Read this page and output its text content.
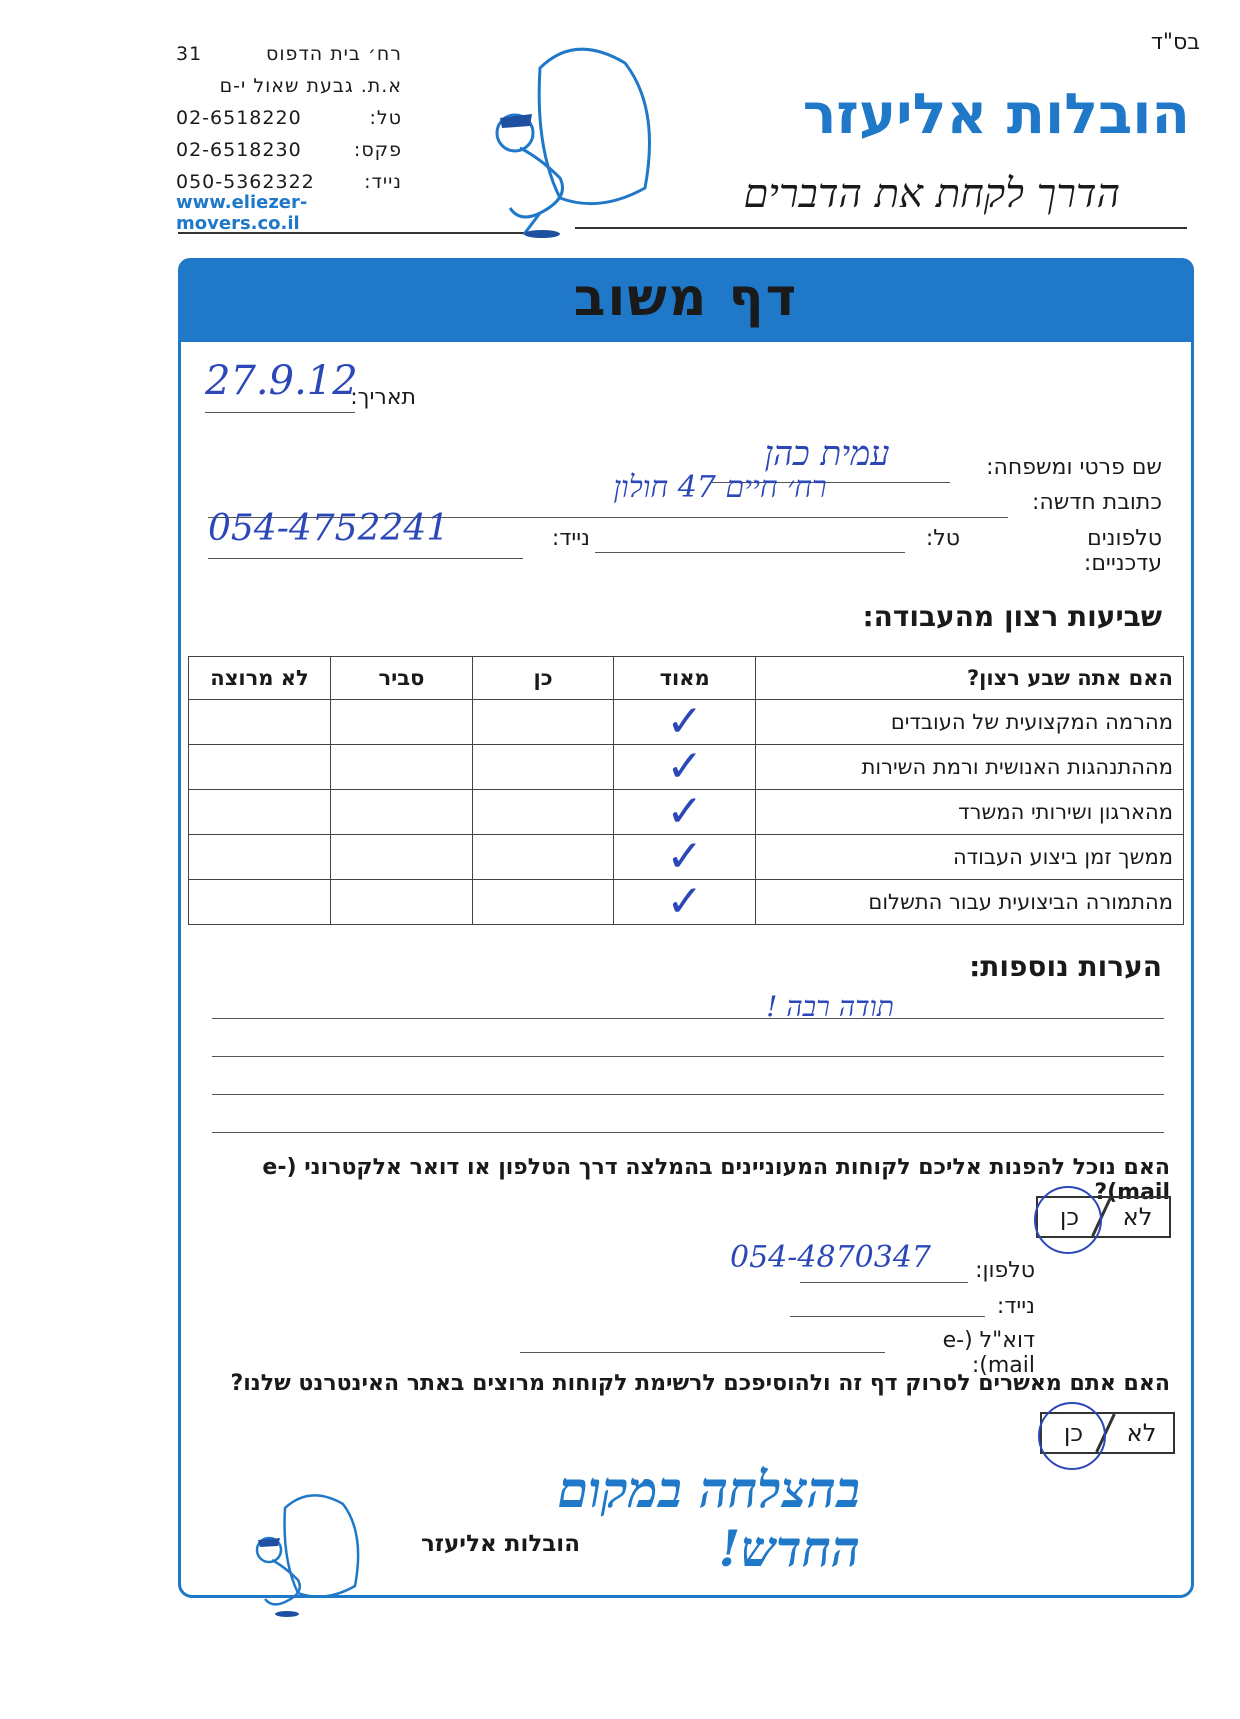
בס"ד
הובלות אליעזר
הדרך לקחת את הדברים
31	רח׳ בית הדפוס
א.ת. גבעת שאול י-ם
02-6518220	טל:
02-6518230	פקס:
050-5362322	נייד:
www.eliezer-movers.co.il
דף משוב
תאריך:
27.9.12
שם פרטי ומשפחה:
עמית כהן
כתובת חדשה:
רח׳ חיים 47 חולון
טלפונים עדכניים:
טל:
נייד:
054-4752241
שביעות רצון מהעבודה:
האם אתה שבע רצון?	מאוד	כן	סביר	לא מרוצה
מהרמה המקצועית של העובדים	✓			
מההתנהגות האנושית ורמת השירות	✓			
מהארגון ושירותי המשרד	✓			
ממשך זמן ביצוע העבודה	✓			
מהתמורה הביצועית עבור התשלום	✓			
הערות נוספות:
תודה רבה !
האם נוכל להפנות אליכם לקוחות המעוניינים בהמלצה דרך הטלפון או דואר אלקטרוני (e-mail)?
לא
כן
טלפון:
054-4870347
נייד:
דוא"ל (e-mail):
האם אתם מאשרים לסרוק דף זה ולהוסיפכם לרשימת לקוחות מרוצים באתר האינטרנט שלנו?
לא
כן
בהצלחה במקום החדש!
הובלות אליעזר
